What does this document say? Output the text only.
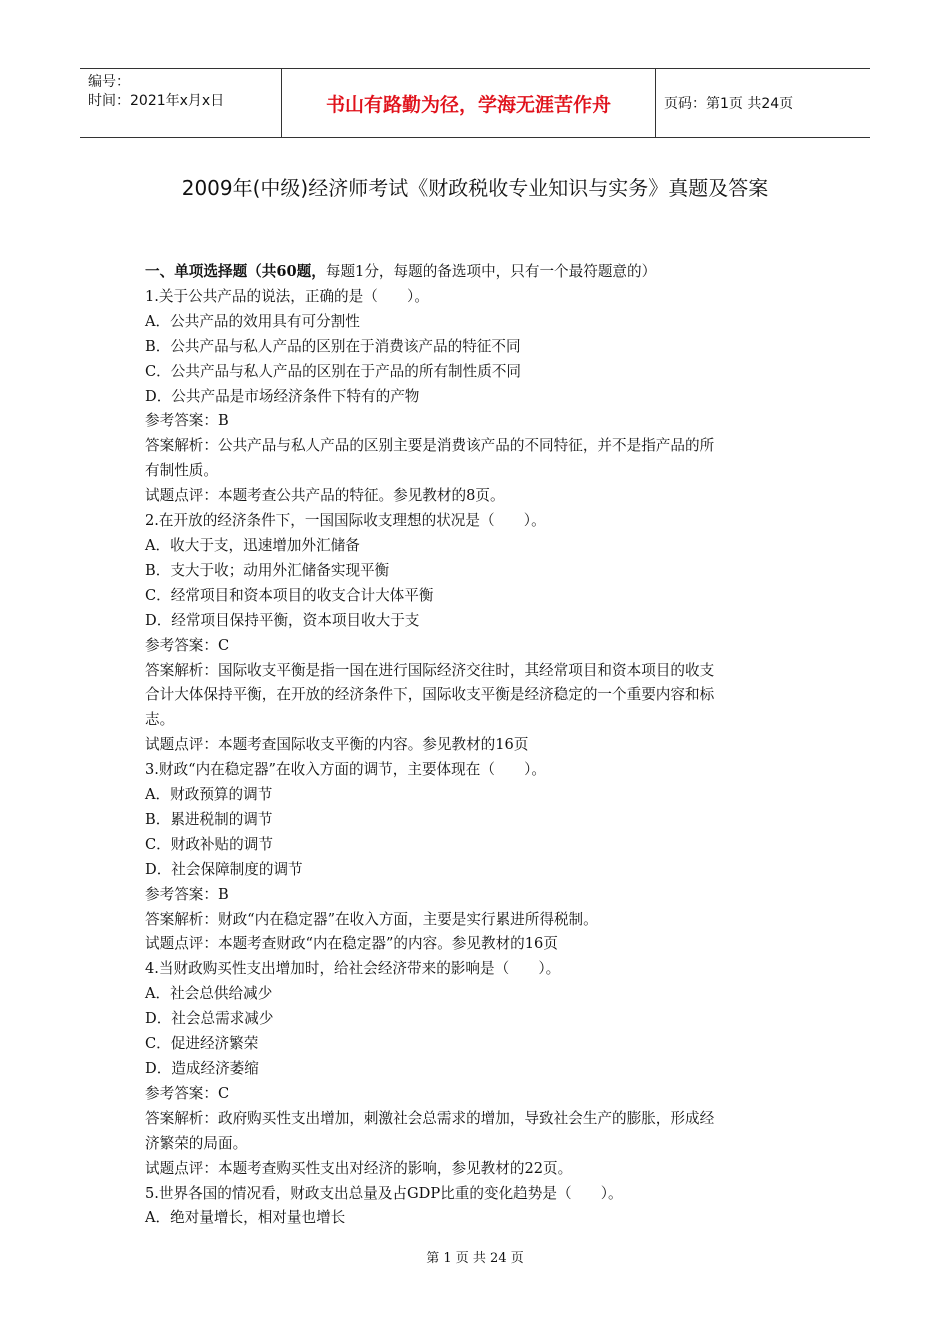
编号：
时间：2021年x月x日	书山有路勤为径，学海无涯苦作舟	页码：第1页 共24页
2009年(中级)经济师考试《财政税收专业知识与实务》真题及答案

一、单项选择题（共60题，每题1分，每题的备选项中，只有一个最符题意的）

1.关于公共产品的说法，正确的是（　　）。

A．公共产品的效用具有可分割性

B．公共产品与私人产品的区别在于消费该产品的特征不同

C．公共产品与私人产品的区别在于产品的所有制性质不同

D．公共产品是市场经济条件下特有的产物

参考答案：B

答案解析：公共产品与私人产品的区别主要是消费该产品的不同特征，并不是指产品的所

有制性质。

试题点评：本题考查公共产品的特征。参见教材的8页。

2.在开放的经济条件下，一国国际收支理想的状况是（　　）。

A．收大于支，迅速增加外汇储备

B．支大于收；动用外汇储备实现平衡

C．经常项目和资本项目的收支合计大体平衡

D．经常项目保持平衡，资本项目收大于支

参考答案：C

答案解析：国际收支平衡是指一国在进行国际经济交往时，其经常项目和资本项目的收支

合计大体保持平衡，在开放的经济条件下，国际收支平衡是经济稳定的一个重要内容和标

志。

试题点评：本题考查国际收支平衡的内容。参见教材的16页

3.财政“内在稳定器”在收入方面的调节，主要体现在（　　）。

A．财政预算的调节

B．累进税制的调节

C．财政补贴的调节

D．社会保障制度的调节

参考答案：B

答案解析：财政“内在稳定器”在收入方面，主要是实行累进所得税制。

试题点评：本题考查财政“内在稳定器”的内容。参见教材的16页

4.当财政购买性支出增加时，给社会经济带来的影响是（　　）。

A．社会总供给减少

D．社会总需求减少

C．促进经济繁荣

D．造成经济萎缩

参考答案：C

答案解析：政府购买性支出增加，刺激社会总需求的增加，导致社会生产的膨胀，形成经

济繁荣的局面。

试题点评：本题考查购买性支出对经济的影响，参见教材的22页。

5.世界各国的情况看，财政支出总量及占GDP比重的变化趋势是（　　）。

A．绝对量增长，相对量也增长

第 1 页 共 24 页
